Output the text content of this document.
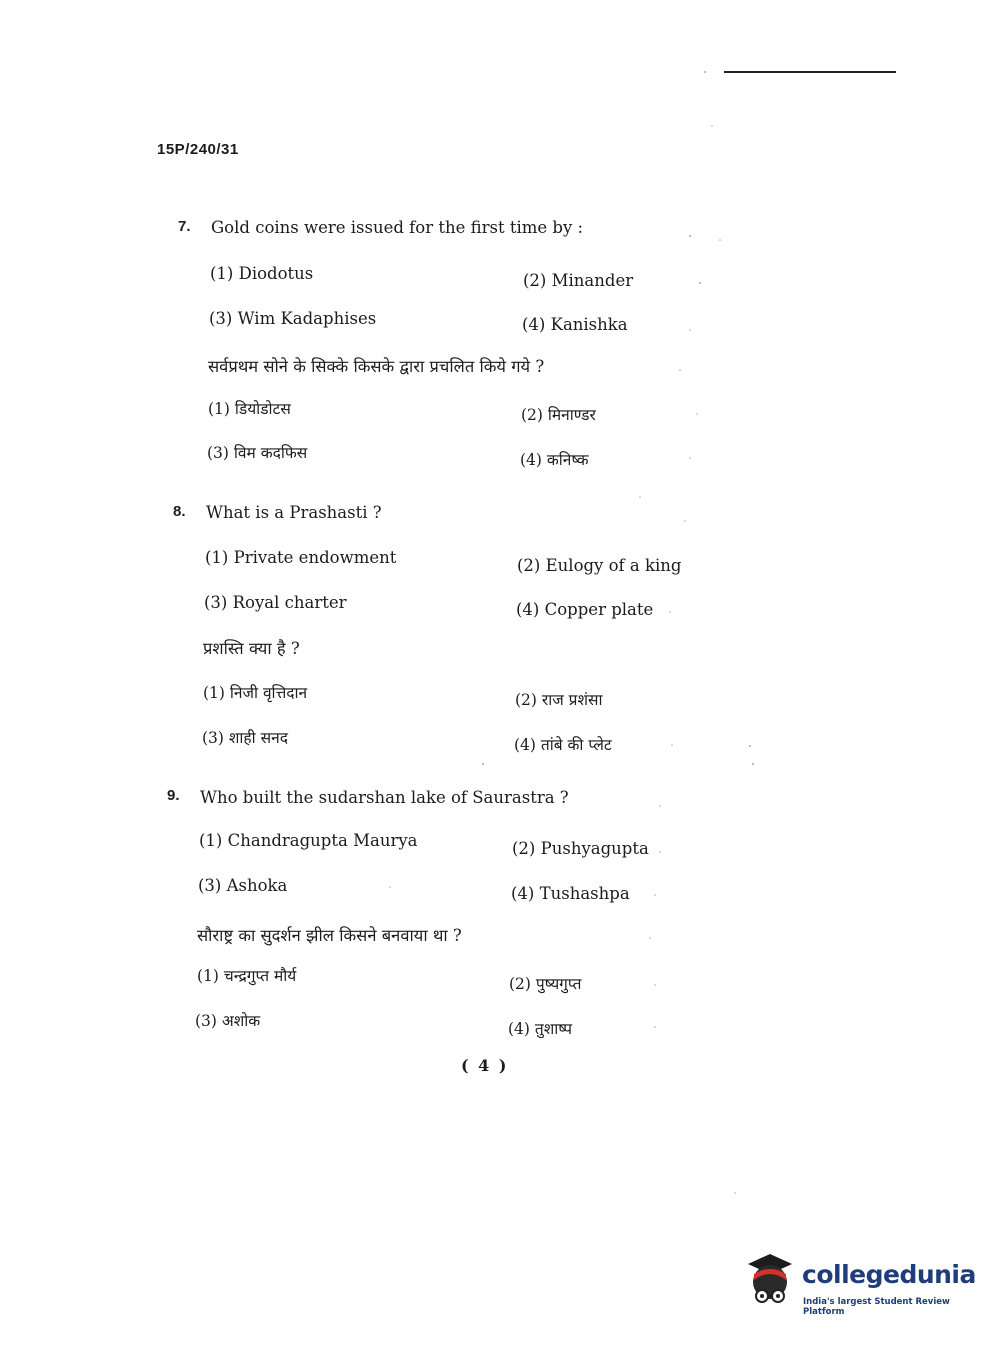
15P/240/31
7. Gold coins were issued for the first time by :
(1) Diodotus	(2) Minander
(3) Wim Kadaphises	(4) Kanishka
सर्वप्रथम सोने के सिक्के किसके द्वारा प्रचलित किये गये ?
(1) डियोडोटस	(2) मिनाण्डर
(3) विम कदफिस	(4) कनिष्क
8. What is a Prashasti ?
(1) Private endowment	(2) Eulogy of a king
(3) Royal charter	(4) Copper plate
प्रशस्ति क्या है ?
(1) निजी वृत्तिदान	(2) राज प्रशंसा
(3) शाही सनद	(4) तांबे की प्लेट
9. Who built the sudarshan lake of Saurastra ?
(1) Chandragupta Maurya	(2) Pushyagupta
(3) Ashoka	(4) Tushashpa
सौराष्ट्र का सुदर्शन झील किसने बनवाया था ?
(1) चन्द्रगुप्त मौर्य	(2) पुष्यगुप्त
(3) अशोक	(4) तुशाष्प
( 4 )
collegedunia
India's largest Student Review Platform
